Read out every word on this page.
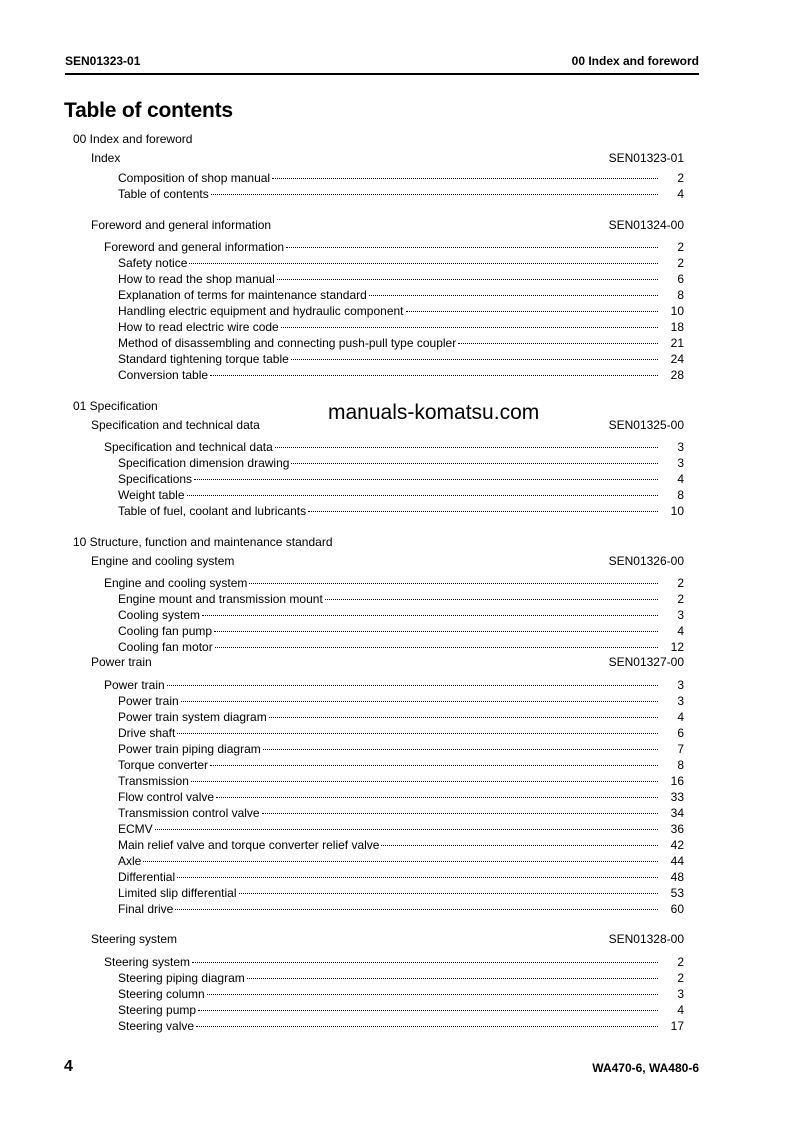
SEN01323-01	00 Index and foreword
Table of contents
00 Index and foreword
Index	SEN01323-01
Composition of shop manual	2
Table of contents	4
Foreword and general information	SEN01324-00
Foreword and general information	2
Safety notice	2
How to read the shop manual	6
Explanation of terms for maintenance standard	8
Handling electric equipment and hydraulic component	10
How to read electric wire code	18
Method of disassembling and connecting push-pull type coupler	21
Standard tightening torque table	24
Conversion table	28
01 Specification
Specification and technical data	SEN01325-00
Specification and technical data	3
Specification dimension drawing	3
Specifications	4
Weight table	8
Table of fuel, coolant and lubricants	10
10 Structure, function and maintenance standard
Engine and cooling system	SEN01326-00
Engine and cooling system	2
Engine mount and transmission mount	2
Cooling system	3
Cooling fan pump	4
Cooling fan motor	12
Power train	SEN01327-00
Power train	3
Power train	3
Power train system diagram	4
Drive shaft	6
Power train piping diagram	7
Torque converter	8
Transmission	16
Flow control valve	33
Transmission control valve	34
ECMV	36
Main relief valve and torque converter relief valve	42
Axle	44
Differential	48
Limited slip differential	53
Final drive	60
Steering system	SEN01328-00
Steering system	2
Steering piping diagram	2
Steering column	3
Steering pump	4
Steering valve	17
manuals-komatsu.com
4	WA470-6, WA480-6
